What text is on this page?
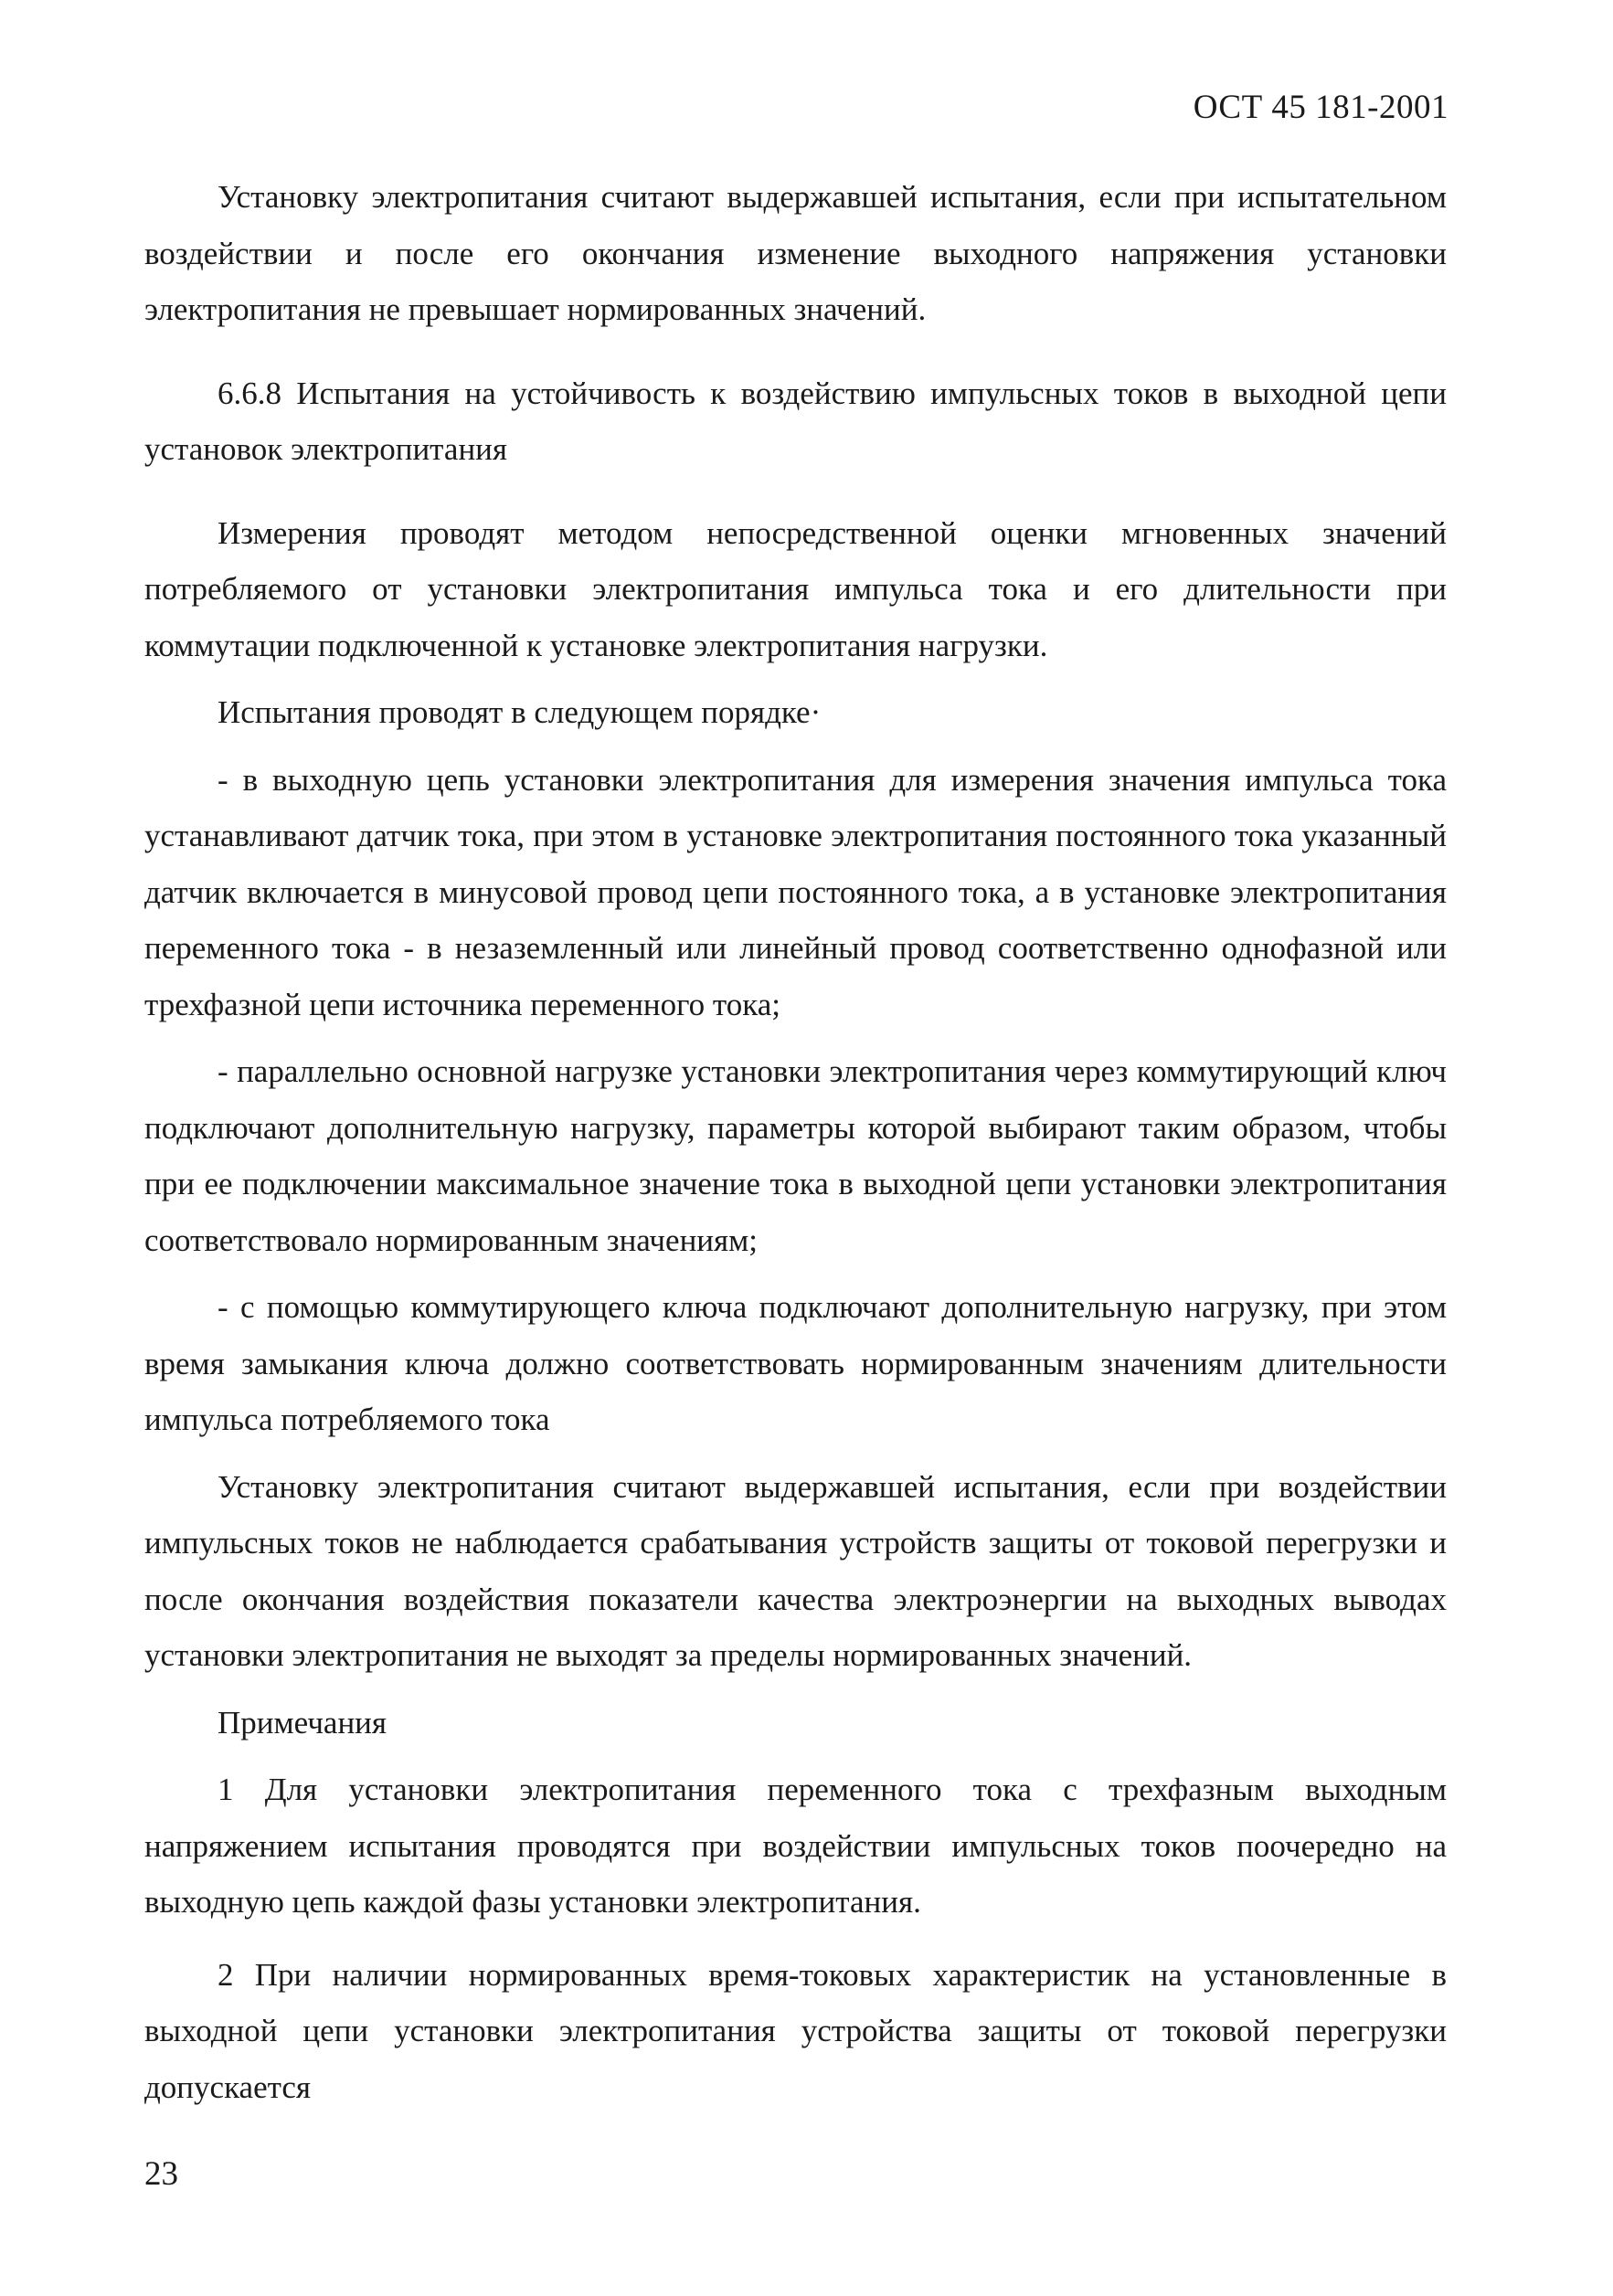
ОСТ 45 181-2001

Установку электропитания считают выдержавшей испытания, если при испытательном воздействии и после его окончания изменение выходного напряжения установки электропитания не превышает нормированных значений.

6.6.8 Испытания на устойчивость к воздействию импульсных токов в выходной цепи установок электропитания

Измерения проводят методом непосредственной оценки мгновенных значений потребляемого от установки электропитания импульса тока и его длительности при коммутации подключенной к установке электропитания нагрузки.

Испытания проводят в следующем порядке·

- в выходную цепь установки электропитания для измерения значения импульса тока устанавливают датчик тока, при этом в установке электропитания постоянного тока указанный датчик включается в минусовой провод цепи постоянного тока, а в установке электропитания переменного тока - в незаземленный или линейный провод соответственно однофазной или трехфазной цепи источника переменного тока;

- параллельно основной нагрузке установки электропитания через коммутирующий ключ подключают дополнительную нагрузку, параметры которой выбирают таким образом, чтобы при ее подключении максимальное значение тока в выходной цепи установки электропитания соответствовало нормированным значениям;

- с помощью коммутирующего ключа подключают дополнительную нагрузку, при этом время замыкания ключа должно соответствовать нормированным значениям длительности импульса потребляемого тока

Установку электропитания считают выдержавшей испытания, если при воздействии импульсных токов не наблюдается срабатывания устройств защиты от токовой перегрузки и после окончания воздействия показатели качества электроэнергии на выходных выводах установки электропитания не выходят за пределы нормированных значений.

Примечания

1 Для установки электропитания переменного тока с трехфазным выходным напряжением испытания проводятся при воздействии импульсных токов поочередно на выходную цепь каждой фазы установки электропитания.

2 При наличии нормированных время-токовых характеристик на установленные в выходной цепи установки электропитания устройства защиты от токовой перегрузки допускается

23
